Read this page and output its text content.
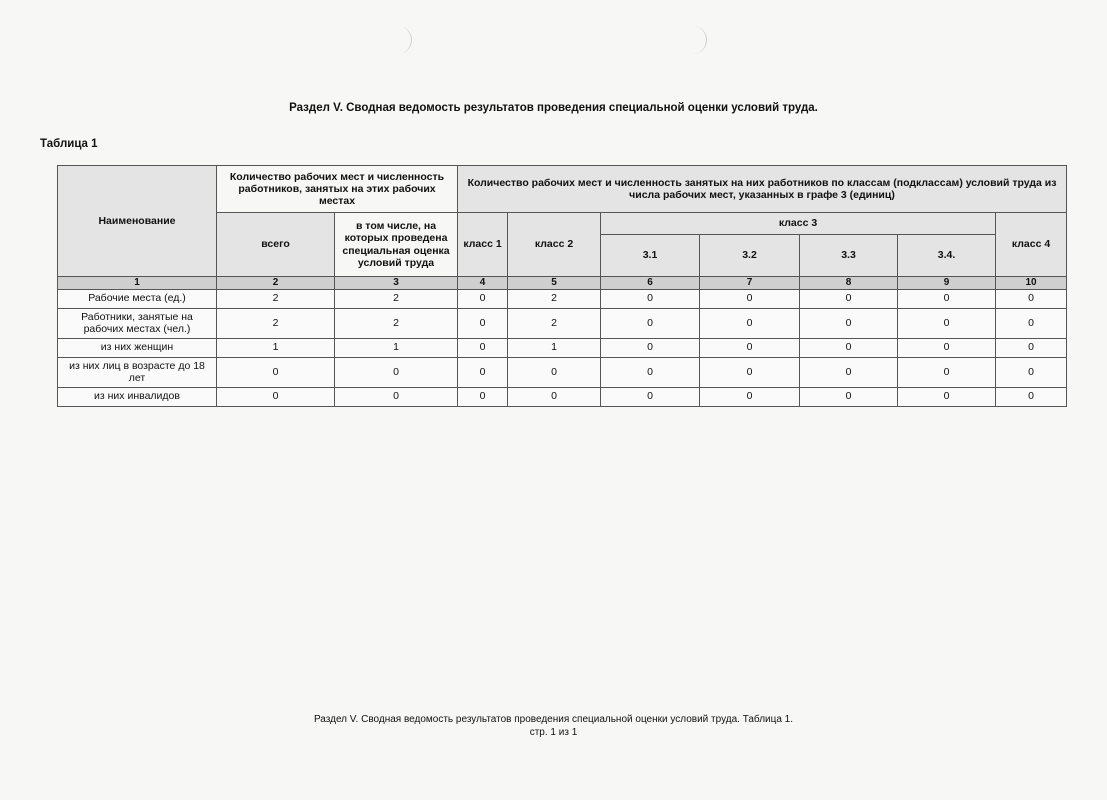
Раздел V. Сводная ведомость результатов проведения специальной оценки условий труда.
Таблица 1
Наименование	Количество рабочих мест и численность работников, занятых на этих рабочих местах		Количество рабочих мест и численность занятых на них работников по классам (подклассам) условий труда из числа рабочих мест, указанных в графе 3 (единиц)						
	всего	в том числе, на которых проведена специальная оценка условий труда	класс 1	класс 2	класс 3				класс 4
					3.1	3.2	3.3	3.4.	
1	2	3	4	5	6	7	8	9	10
Рабочие места (ед.)	2	2	0	2	0	0	0	0	0
Работники, занятые на рабочих местах (чел.)	2	2	0	2	0	0	0	0	0
из них женщин	1	1	0	1	0	0	0	0	0
из них лиц в возрасте до 18 лет	0	0	0	0	0	0	0	0	0
из них инвалидов	0	0	0	0	0	0	0	0	0
Раздел V. Сводная ведомость результатов проведения специальной оценки условий труда. Таблица 1.
стр. 1 из 1
